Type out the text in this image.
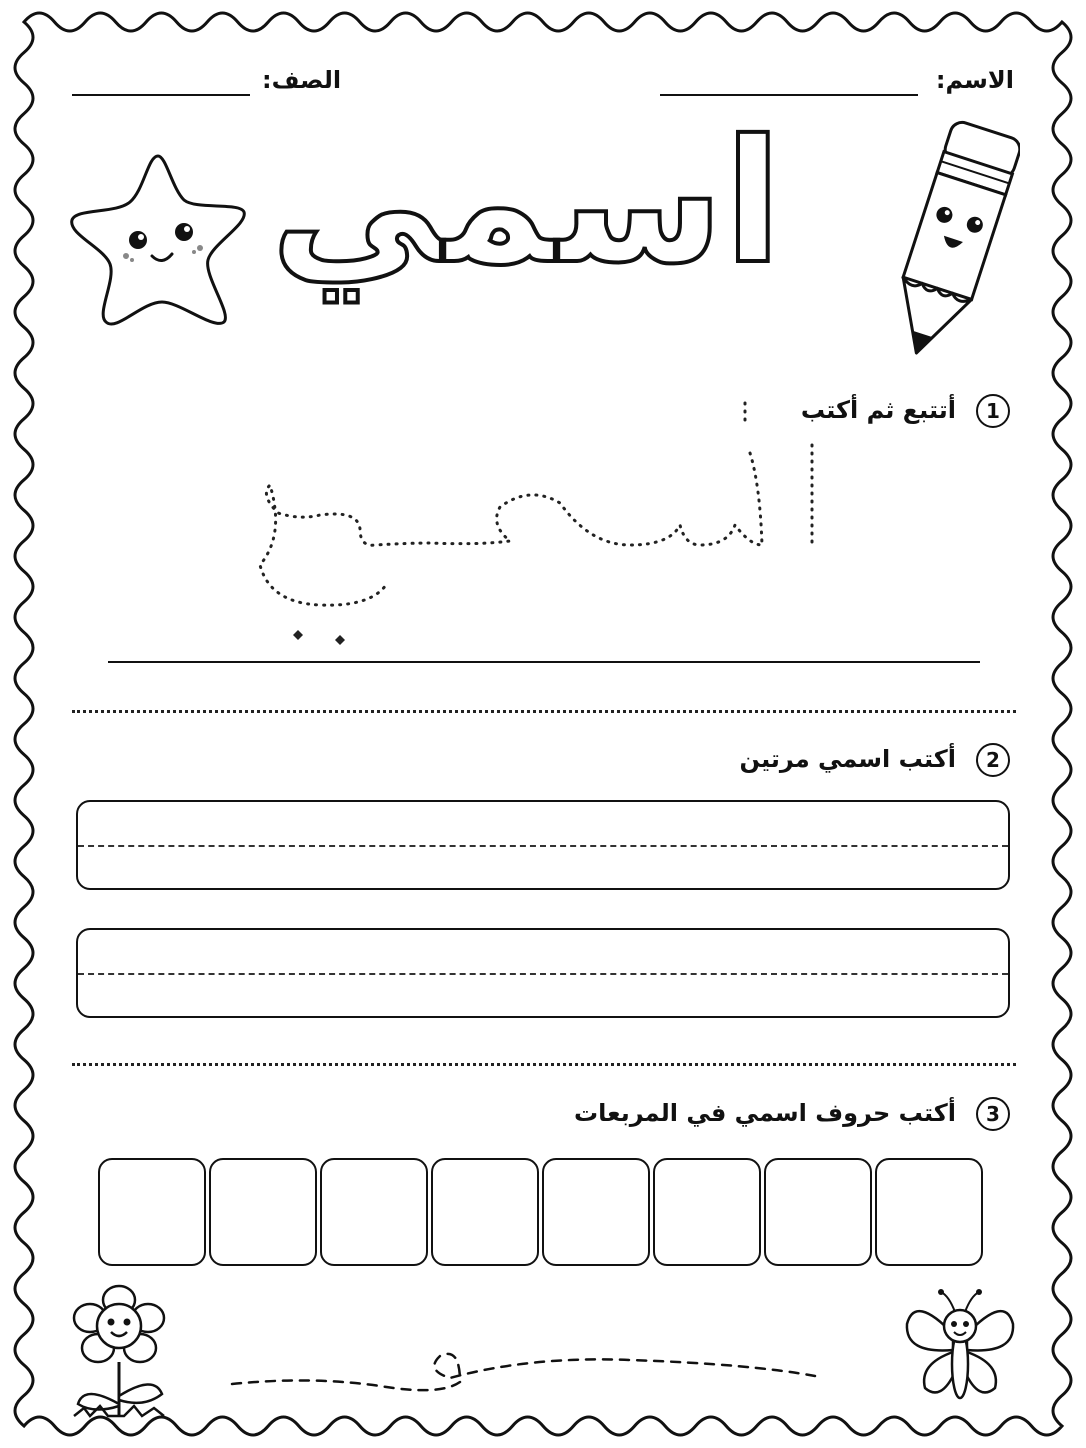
الاسم:
الصف:
اسمي
1
أتتبع ثم أكتب
2
أكتب اسمي مرتين
3
أكتب حروف اسمي في المربعات
